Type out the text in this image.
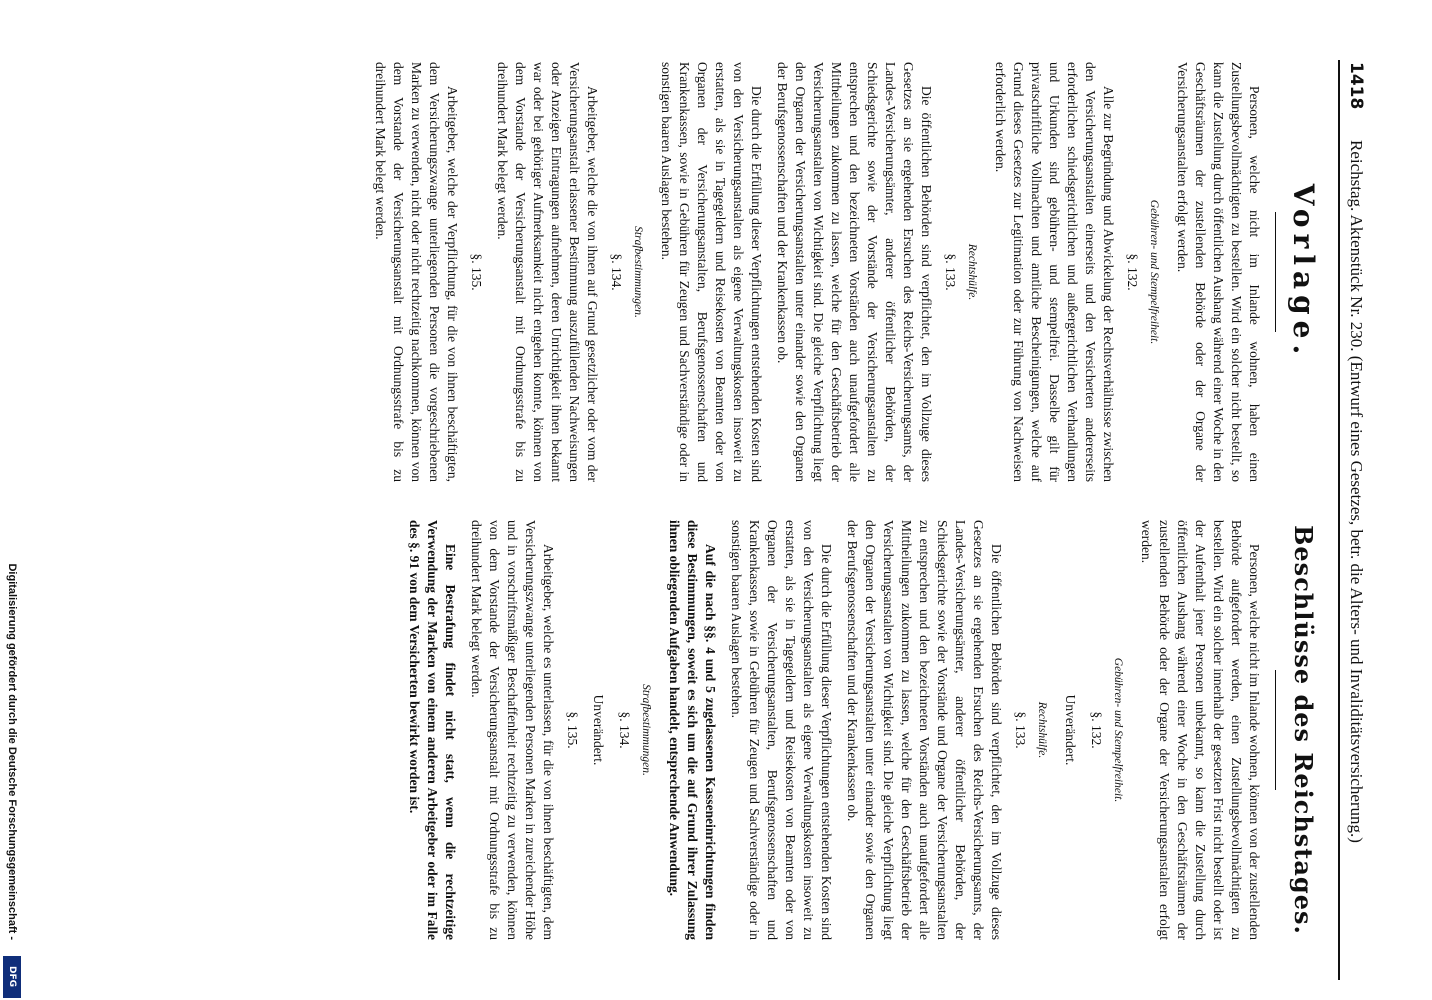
1418
Reichstag. Aktenstück Nr. 230. (Entwurf eines Gesetzes, betr. die Alters- und Invaliditätsversicherung.)
Vorlage.

Personen, welche nicht im Inlande wohnen, haben einen Zustellungsbevollmächtigten zu bestellen. Wird ein solcher nicht bestellt, so kann die Zustellung durch öffentlichen Aushang während einer Woche in den Geschäftsräumen der zustellenden Behörde oder der Organe der Versicherungsanstalten erfolgt werden.

Gebühren- und Stempelfreiheit.
§. 132.

Alle zur Begründung und Abwickelung der Rechtsverhältnisse zwischen den Versicherungsanstalten einerseits und den Versicherten andererseits erforderlichen schiedsgerichtlichen und außergerichtlichen Verhandlungen und Urkunden sind gebühren- und stempelfrei. Dasselbe gilt für privatschriftliche Vollmachten und amtliche Bescheinigungen, welche auf Grund dieses Gesetzes zur Legitimation oder zur Führung von Nachweisen erforderlich werden.

Rechtshülfe.
§. 133.

Die öffentlichen Behörden sind verpflichtet, den im Vollzuge dieses Gesetzes an sie ergehenden Ersuchen des Reichs-Versicherungsamts, der Landes-Versicherungsämter, anderer öffentlicher Behörden, der Schiedsgerichte sowie der Vorstände der Versicherungsanstalten zu entsprechen und den bezeichneten Vorständen auch unaufgefordert alle Mittheilungen zukommen zu lassen, welche für den Geschäftsbetrieb der Versicherungsanstalten von Wichtigkeit sind. Die gleiche Verpflichtung liegt den Organen der Versicherungsanstalten unter einander sowie den Organen der Berufsgenossenschaften und der Krankenkassen ob.

Die durch die Erfüllung dieser Verpflichtungen entstehenden Kosten sind von den Versicherungsanstalten als eigene Verwaltungskosten insoweit zu erstatten, als sie in Tagegeldern und Reisekosten von Beamten oder von Organen der Versicherungsanstalten, Berufsgenossenschaften und Krankenkassen, sowie in Gebühren für Zeugen und Sachverständige oder in sonstigen baaren Auslagen bestehen.

Strafbestimmungen.
§. 134.

Arbeitgeber, welche die von ihnen auf Grund gesetzlicher oder vom der Versicherungsanstalt erlassener Bestimmung auszufüllenden Nachweisungen oder Anzeigen Eintragungen aufnehmen, deren Unrichtigkeit ihnen bekannt war oder bei gehöriger Aufmerksamkeit nicht entgehen konnte, können von dem Vorstande der Versicherungsanstalt mit Ordnungsstrafe bis zu dreihundert Mark belegt werden.

§. 135.

Arbeitgeber, welche der Verpflichtung, für die von ihnen beschäftigten, dem Versicherungszwange unterliegenden Personen die vorgeschriebenen Marken zu verwenden, nicht oder nicht rechtzeitig nachkommen, können von dem Vorstande der Versicherungsanstalt mit Ordnungsstrafe bis zu dreihundert Mark belegt werden.

Beschlüsse des Reichstages.

Personen, welche nicht im Inlande wohnen, können von der zustellenden Behörde aufgefordert werden, einen Zustellungsbevollmächtigten zu bestellen. Wird ein solcher innerhalb der gesetzten Frist nicht bestellt oder ist der Aufenthalt jener Personen unbekannt, so kann die Zustellung durch öffentlichen Aushang während einer Woche in den Geschäftsräumen der zustellenden Behörde oder der Organe der Versicherungsanstalten erfolgt werden.

Gebühren- und Stempelfreiheit.
§. 132.
Unverändert.
Rechtshülfe.
§. 133.

Die öffentlichen Behörden sind verpflichtet, den im Vollzuge dieses Gesetzes an sie ergehenden Ersuchen des Reichs-Versicherungsamts, der Landes-Versicherungsämter, anderer öffentlicher Behörden, der Schiedsgerichte sowie der Vorstände und Organe der Versicherungsanstalten zu entsprechen und den bezeichneten Vorständen auch unaufgefordert alle Mittheilungen zukommen zu lassen, welche für den Geschäftsbetrieb der Versicherungsanstalten von Wichtigkeit sind. Die gleiche Verpflichtung liegt den Organen der Versicherungsanstalten unter einander sowie den Organen der Berufsgenossenschaften und der Krankenkassen ob.

Die durch die Erfüllung dieser Verpflichtungen entstehenden Kosten sind von den Versicherungsanstalten als eigene Verwaltungskosten insoweit zu erstatten, als sie in Tagegeldern und Reisekosten von Beamten oder von Organen der Versicherungsanstalten, Berufsgenossenschaften und Krankenkassen, sowie in Gebühren für Zeugen und Sachverständige oder in sonstigen baaren Auslagen bestehen.

Auf die nach §§. 4 und 5 zugelassenen Kasseneinrichtungen finden diese Bestimmungen, soweit es sich um die auf Grund ihrer Zulassung ihnen obliegenden Aufgaben handelt, entsprechende Anwendung.

Strafbestimmungen.
§. 134.
Unverändert.
§. 135.

Arbeitgeber, welche es unterlassen, für die von ihnen beschäftigten, dem Versicherungszwange unterliegenden Personen Marken in zureichender Höhe und in vorschriftsmäßiger Beschaffenheit rechtzeitig zu verwenden, können von dem Vorstande der Versicherungsanstalt mit Ordnungsstrafe bis zu dreihundert Mark belegt werden.

Eine Bestrafung findet nicht statt, wenn die rechtzeitige Verwendung der Marken von einem anderen Arbeitgeber oder im Falle des §. 91 von dem Versicherten bewirkt worden ist.

Digitalisierung gefördert durch die Deutsche Forschungsgemeinschaft -
DFG
